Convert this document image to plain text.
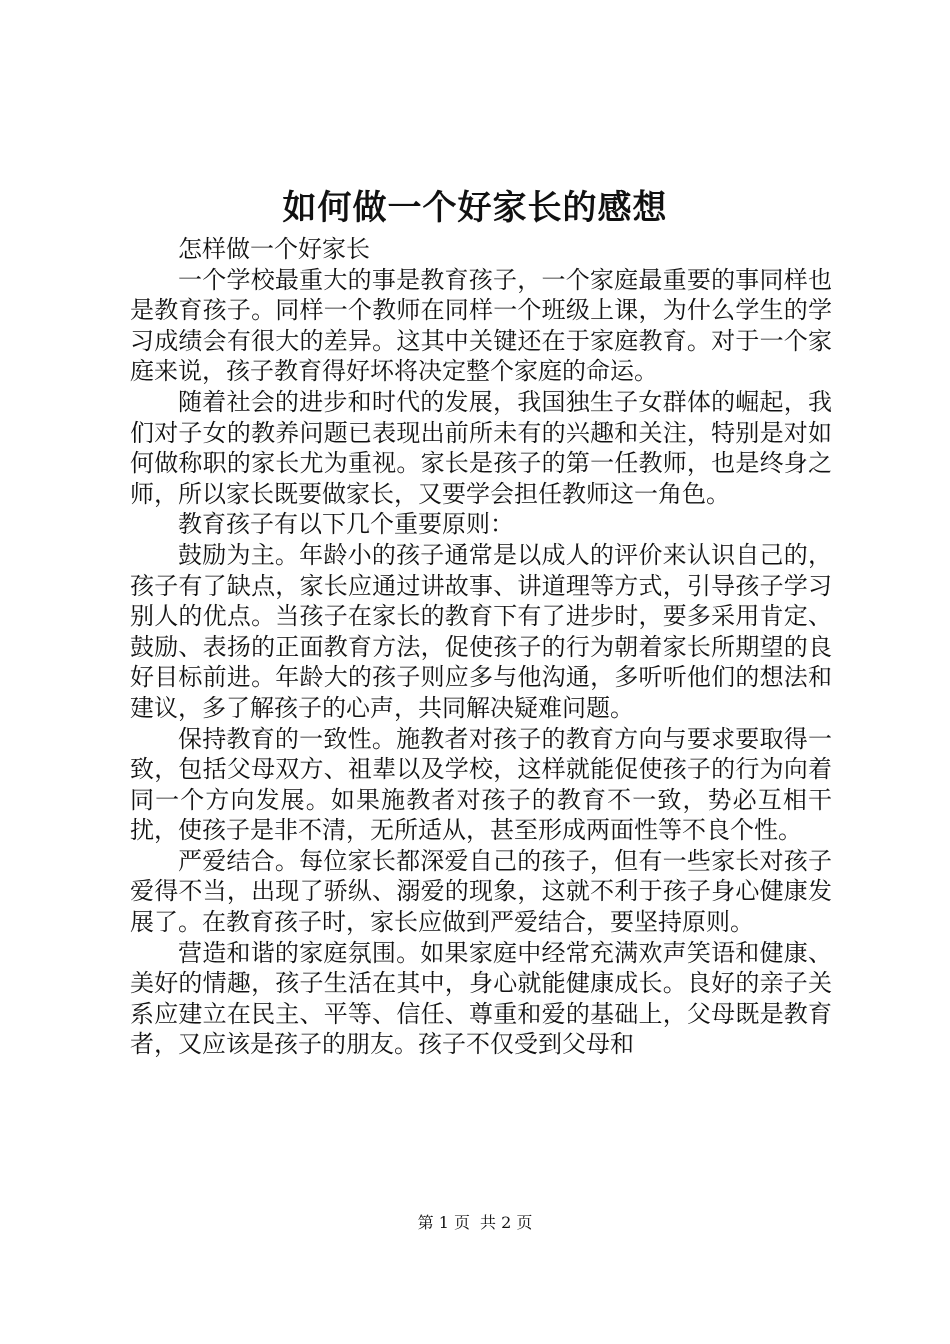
如何做一个好家长的感想

怎样做一个好家长

一个学校最重大的事是教育孩子，一个家庭最重要的事同样也是教育孩子。同样一个教师在同样一个班级上课，为什么学生的学习成绩会有很大的差异。这其中关键还在于家庭教育。对于一个家庭来说，孩子教育得好坏将决定整个家庭的命运。

随着社会的进步和时代的发展，我国独生子女群体的崛起，我们对子女的教养问题已表现出前所未有的兴趣和关注，特别是对如何做称职的家长尤为重视。家长是孩子的第一任教师，也是终身之师，所以家长既要做家长，又要学会担任教师这一角色。

教育孩子有以下几个重要原则：

鼓励为主。年龄小的孩子通常是以成人的评价来认识自己的，孩子有了缺点，家长应通过讲故事、讲道理等方式，引导孩子学习别人的优点。当孩子在家长的教育下有了进步时，要多采用肯定、鼓励、表扬的正面教育方法，促使孩子的行为朝着家长所期望的良好目标前进。年龄大的孩子则应多与他沟通，多听听他们的想法和建议，多了解孩子的心声，共同解决疑难问题。

保持教育的一致性。施教者对孩子的教育方向与要求要取得一致，包括父母双方、祖辈以及学校，这样就能促使孩子的行为向着同一个方向发展。如果施教者对孩子的教育不一致，势必互相干扰，使孩子是非不清，无所适从，甚至形成两面性等不良个性。

严爱结合。每位家长都深爱自己的孩子，但有一些家长对孩子爱得不当，出现了骄纵、溺爱的现象，这就不利于孩子身心健康发展了。在教育孩子时，家长应做到严爱结合，要坚持原则。

营造和谐的家庭氛围。如果家庭中经常充满欢声笑语和健康、美好的情趣，孩子生活在其中，身心就能健康成长。良好的亲子关系应建立在民主、平等、信任、尊重和爱的基础上，父母既是教育者，又应该是孩子的朋友。孩子不仅受到父母和

第 1 页 共 2 页
